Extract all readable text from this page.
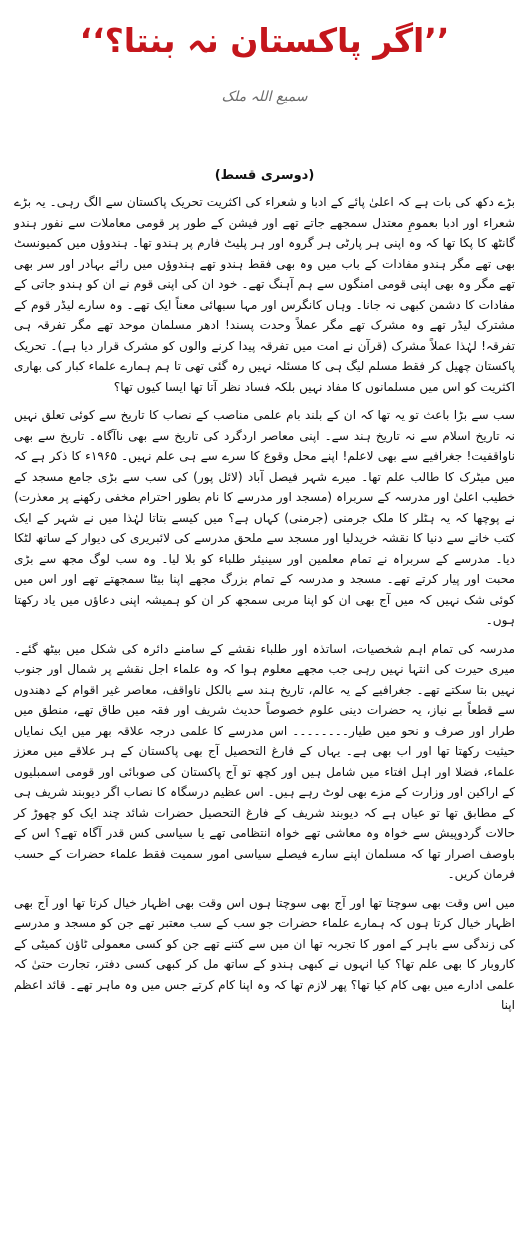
’’اگر پاکستان نہ بنتا؟‘‘
سمیع اللہ ملک
(دوسری قسط)

بڑے دکھ کی بات ہے کہ اعلیٰ پائے کے ادبا و شعراء کی اکثریت تحریک پاکستان سے الگ رہی۔ یہ بڑے شعراء اور ادبا بعمومِ معتدل سمجھے جاتے تھے اور فیشن کے طور پر قومی معاملات سے نفور ہندو گانٹھ کا پکا تھا کہ وہ اپنی ہر پارٹی ہر گروہ اور ہر پلیٹ فارم پر ہندو تھا۔ ہندوؤں میں کمیونسٹ بھی تھے مگر ہندو مفادات کے باب میں وہ بھی فقط ہندو تھے ہندوؤں میں رائے بہادر اور سر بھی تھے مگر وہ بھی اپنی قومی امنگوں سے ہم آہنگ تھے۔ خود ان کی اپنی قوم نے ان کو ہندو جاتی کے مفادات کا دشمن کبھی نہ جانا۔ وہاں کانگرس اور مہا سبھائی معناً ایک تھے۔ وہ سارے لیڈر قوم کے مشترک لیڈر تھے وہ مشرک تھے مگر عملاً وحدت پسند! ادھر مسلمان موحد تھے مگر تفرقہ ہی تفرقہ! لہٰذا عملاً مشرک (قرآن نے امت میں تفرقہ پیدا کرنے والوں کو مشرک قرار دیا ہے)۔ تحریک پاکستان چھیل کر فقط مسلم لیگ ہی کا مسئلہ نہیں رہ گئی تھی تا ہم ہمارے علماء کبار کی بھاری اکثریت کو اس میں مسلمانوں کا مفاد نہیں بلکہ فساد نظر آتا تھا ایسا کیوں تھا؟

سب سے بڑا باعث تو یہ تھا کہ ان کے بلند بام علمی مناصب کے نصاب کا تاریخ سے کوئی تعلق نہیں نہ تاریخ اسلام سے نہ تاریخ ہند سے۔ اپنی معاصر اردگرد کی تاریخ سے بھی ناآگاہ۔ تاریخ سے بھی ناواقفیت! جغرافیے سے بھی لاعلم! اپنے محل وقوع کا سرے سے ہی علم نہیں۔ ۱۹۶۵ء کا ذکر ہے کہ میں میٹرک کا طالب علم تھا۔ میرے شہر فیصل آباد (لائل پور) کی سب سے بڑی جامع مسجد کے خطیب اعلیٰ اور مدرسہ کے سربراہ (مسجد اور مدرسے کا نام بطور احترام مخفی رکھنے پر معذرت) نے پوچھا کہ یہ ہٹلر کا ملک جرمنی (جرمنی) کہاں ہے؟ میں کیسے بتاتا لہٰذا میں نے شہر کے ایک کتب خانے سے دنیا کا نقشہ خریدلیا اور مسجد سے ملحق مدرسے کی لائبریری کی دیوار کے ساتھ لٹکا دیا۔ مدرسے کے سربراہ نے تمام معلمین اور سینیئر طلباء کو بلا لیا۔ وہ سب لوگ مجھ سے بڑی محبت اور پیار کرتے تھے۔ مسجد و مدرسہ کے تمام بزرگ مجھے اپنا بیٹا سمجھتے تھے اور اس میں کوئی شک نہیں کہ میں آج بھی ان کو اپنا مربی سمجھ کر ان کو ہمیشہ اپنی دعاؤں میں یاد رکھتا ہوں۔

مدرسہ کی تمام اہم شخصیات، اساتذہ اور طلباء نقشے کے سامنے دائرہ کی شکل میں بیٹھ گئے۔ میری حیرت کی انتہا نہیں رہی جب مجھے معلوم ہوا کہ وہ علماء اجل نقشے پر شمال اور جنوب نہیں بتا سکتے تھے۔ جغرافیے کے یہ عالم، تاریخ ہند سے بالکل ناواقف، معاصر غیر اقوام کے دھندوں سے قطعاً بے نیاز، یہ حضرات دینی علوم خصوصاً حدیث شریف اور فقہ میں طاق تھے، منطق میں طرار اور صرف و نحو میں طیار۔۔۔۔۔۔۔۔ اس مدرسے کا علمی درجہ علاقہ بھر میں ایک نمایاں حیثیت رکھتا تھا اور اب بھی ہے۔ یہاں کے فارغ التحصیل آج بھی پاکستان کے ہر علاقے میں معزز علماء، فضلا اور اہل افتاء میں شامل ہیں اور کچھ تو آج پاکستان کی صوبائی اور قومی اسمبلیوں کے اراکین اور وزارت کے مزے بھی لوٹ رہے ہیں۔ اس عظیم درسگاہ کا نصاب اگر دیوبند شریف ہی کے مطابق تھا تو عیاں ہے کہ دیوبند شریف کے فارغ التحصیل حضرات شائد چند ایک کو چھوڑ کر حالات گردوپیش سے خواہ وہ معاشی تھے خواہ انتظامی تھے یا سیاسی کس قدر آگاہ تھے؟ اس کے باوصف اصرار تھا کہ مسلمان اپنے سارے فیصلے سیاسی امور سمیت فقط علماء حضرات کے حسب فرمان کریں۔

میں اس وقت بھی سوچتا تھا اور آج بھی سوچتا ہوں اس وقت بھی اظہار خیال کرتا تھا اور آج بھی اظہار خیال کرتا ہوں کہ ہمارے علماء حضرات جو سب کے سب معتبر تھے جن کو مسجد و مدرسے کی زندگی سے باہر کے امور کا تجربہ تھا ان میں سے کتنے تھے جن کو کسی معمولی ٹاؤن کمیٹی کے کاروبار کا بھی علم تھا؟ کیا انہوں نے کبھی ہندو کے ساتھ مل کر کبھی کسی دفتر، تجارت حتیٰ کہ علمی ادارے میں بھی کام کیا تھا؟ پھر لازم تھا کہ وہ اپنا کام کرتے جس میں وہ ماہر تھے۔ قائد اعظم اپنا
